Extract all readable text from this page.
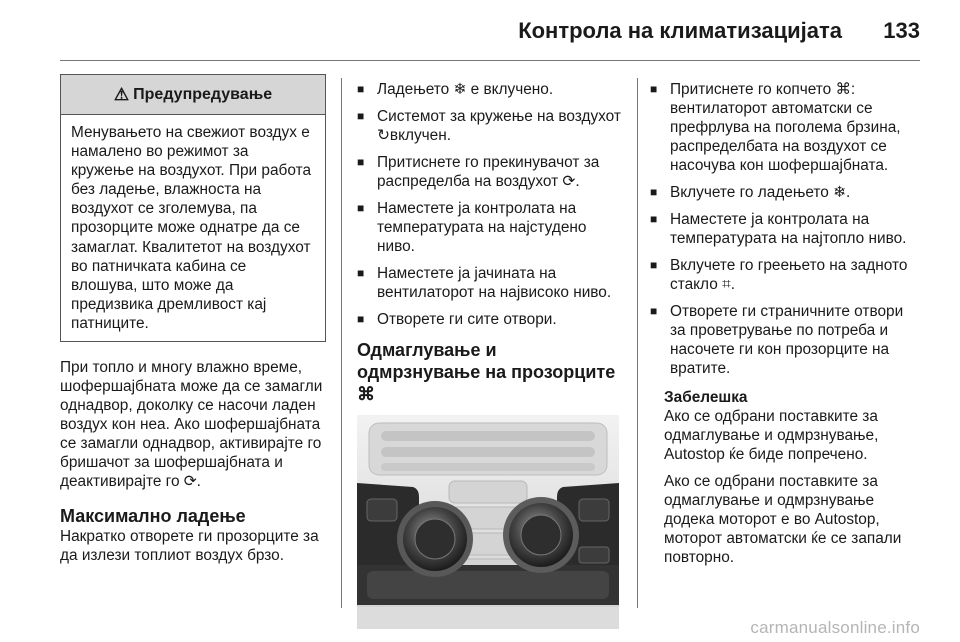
Контрола на климатизацијата 133
⚠ Предупредување
Менувањето на свежиот воздух е намалено во режимот за кружење на воздухот. При работа без ладење, влажноста на воздухот се зголемува, па прозорците може однатре да се замаглат. Квалитетот на воздухот во патничката кабина се влошува, што може да предизвика дремливост кај патниците.

При топло и многу влажно време, шофершајбната може да се замагли однадвор, доколку се насочи ладен воздух кон неа. Ако шофершајбната се замагли однадвор, активирајте го бришачот за шофершајбната и деактивирајте го ⟳.

Максимално ладење

Накратко отворете ги прозорците за да излези топлиот воздух брзо.

■ Ладењето ❄ е вклучено.
■ Системот за кружење на воздухот ↻вклучен.
■ Притиснете го прекинувачот за распределба на воздухот ⟳.
■ Наместете ја контролата на температурата на најстудено ниво.
■ Наместете ја јачината на вентилаторот на највисоко ниво.
■ Отворете ги сите отвори.
Одмаглување и одмрзнување на прозорците ⌘
■ Притиснете го копчето ⌘: вентилаторот автоматски се префрлува на поголема брзина, распределбата на воздухот се насочува кон шофершајбната.
■ Вклучете го ладењето ❄.
■ Наместете ја контролата на температурата на најтопло ниво.
■ Вклучете го греењето на задното стакло ⌗.
■ Отворете ги страничните отвори за проветрување по потреба и насочете ги кон прозорците на вратите.
Забелешка

Ако се одбрани поставките за одмаглување и одмрзнување, Autostop ќе биде попречено.

Ако се одбрани поставките за одмаглување и одмрзнување додека моторот е во Autostop, моторот автоматски ќе се запали повторно.

carmanualsonline.info
